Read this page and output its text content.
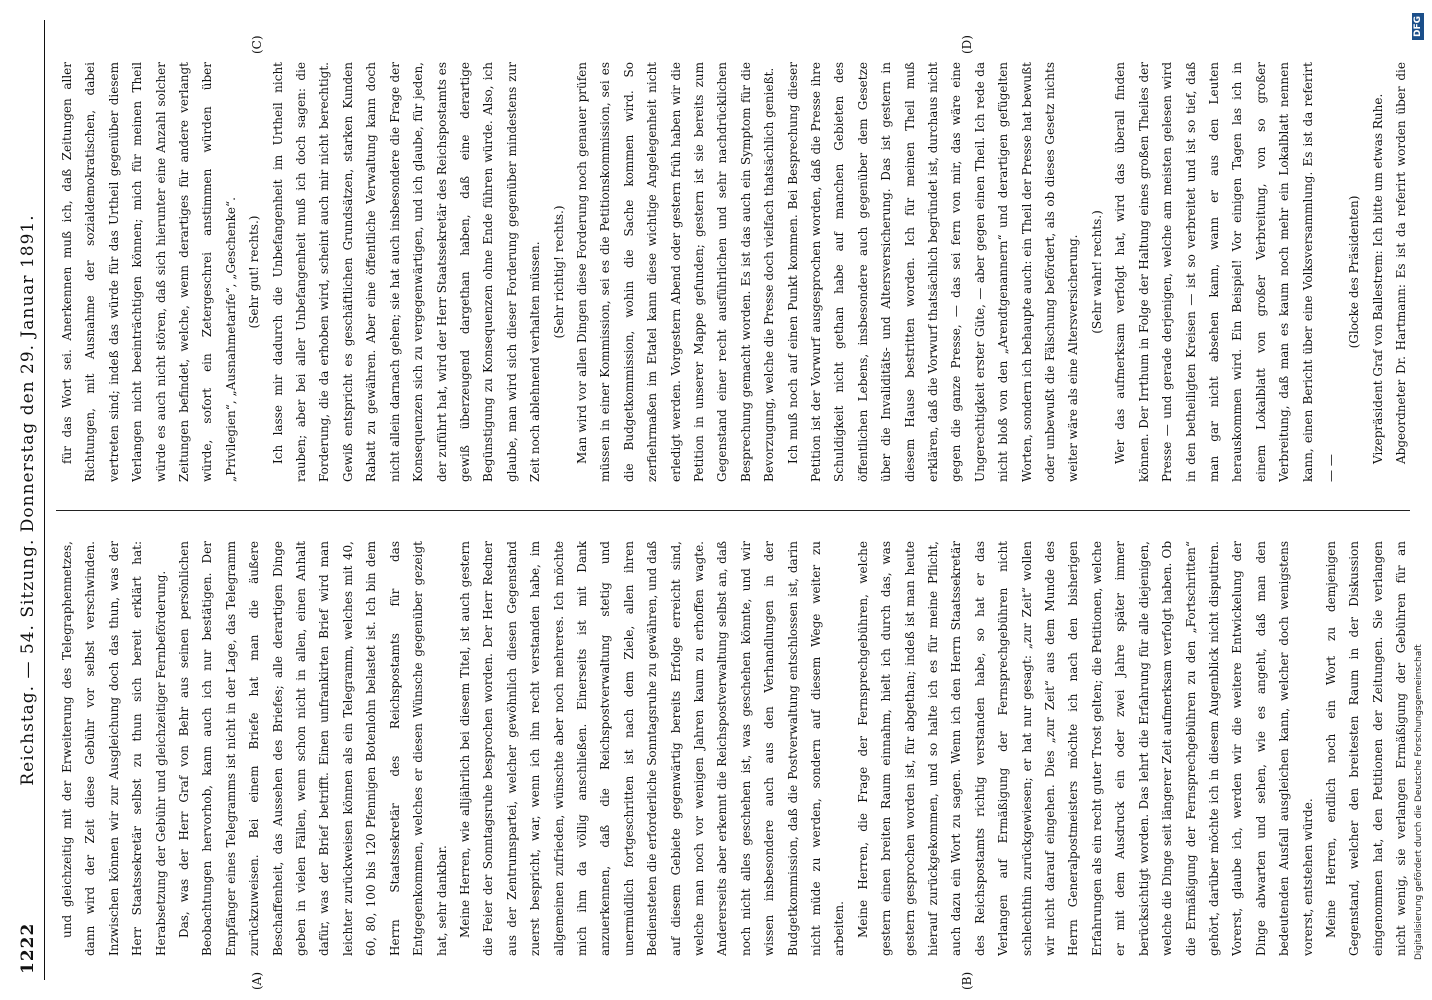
1222
Reichstag. — 54. Sitzung. Donnerstag den 29. Januar 1891.
(A)	(B)
(C)	(D)

und gleichzeitig mit der Erweiterung des Telegraphennetzes, dann wird der Zeit diese Gebühr vor selbst verschwinden. Inzwischen können wir zur Ausgleichung doch das thun, was der Herr Staatssekretär selbst zu thun sich bereit erklärt hat: Herabsetzung der Gebühr und gleichzeitiger Fernbeförderung. Das, was der Herr Graf von Behr aus seinen persönlichen Beobachtungen hervorhob, kann auch ich nur bestätigen. Der Empfänger eines Telegramms ist nicht in der Lage, das Telegramm zurückzuweisen. Bei einem Briefe hat man die äußere Beschaffenheit, das Aussehen des Briefes; alle derartigen Dinge geben in vielen Fällen, wenn schon nicht in allen, einen Anhalt dafür, was der Brief betrifft. Einen unfrankirten Brief wird man leichter zurückweisen können als ein Telegramm, welches mit 40, 60, 80, 100 bis 120 Pfennigen Botenlohn belastet ist. Ich bin dem Herrn Staatssekretär des Reichspostamts für das Entgegenkommen, welches er diesen Wünsche gegenüber gezeigt hat, sehr dankbar. Meine Herren, wie alljährlich bei diesem Titel, ist auch gestern die Feier der Sonntagsruhe besprochen worden. Der Herr Redner aus der Zentrumspartei, welcher gewöhnlich diesen Gegenstand zuerst bespricht, war, wenn ich ihn recht verstanden habe, im allgemeinen zufrieden, wünschte aber noch mehreres. Ich möchte mich ihm da völlig anschließen. Einerseits ist mit Dank anzuerkennen, daß die Reichspostverwaltung stetig und unermüdlich fortgeschritten ist nach dem Ziele, allen ihren Bediensteten die erforderliche Sonntagsruhe zu gewähren, und daß auf diesem Gebiete gegenwärtig bereits Erfolge erreicht sind, welche man noch vor wenigen Jahren kaum zu erhoffen wagte. Andererseits aber erkennt die Reichspostverwaltung selbst an, daß noch nicht alles geschehen ist, was geschehen könnte, und wir wissen insbesondere auch aus den Verhandlungen in der Budgetkommission, daß die Postverwaltung entschlossen ist, darin nicht müde zu werden, sondern auf diesem Wege weiter zu arbeiten. Meine Herren, die Frage der Fernsprechgebühren, welche gestern einen breiten Raum einnahm, hielt ich durch das, was gestern gesprochen worden ist, für abgethan; indeß ist man heute hierauf zurückgekommen, und so halte ich es für meine Pflicht, auch dazu ein Wort zu sagen. Wenn ich den Herrn Staatssekretär des Reichspostamts richtig verstanden habe, so hat er das Verlangen auf Ermäßigung der Fernsprechgebühren nicht schlechthin zurückgewiesen; er hat nur gesagt: „zur Zeit“ wollen wir nicht darauf eingehen. Dies „zur Zeit“ aus dem Munde des Herrn Generalpostmeisters möchte ich nach den bisherigen Erfahrungen als ein recht guter Trost gelten; die Petitionen, welche er mit dem Ausdruck ein oder zwei Jahre später immer berücksichtigt worden. Das lehrt die Erfahrung für alle diejenigen, welche die Dinge seit längerer Zeit aufmerksam verfolgt haben. Ob die Ermäßigung der Fernsprechgebühren zu den „Fortschritten“ gehört, darüber möchte ich in diesem Augenblick nicht disputiren. Vorerst, glaube ich, werden wir die weitere Entwickelung der Dinge abwarten und sehen, wie es angeht, daß man den bedeutenden Ausfall ausgleichen kann, welcher doch wenigstens vorerst, entstehen würde. Meine Herren, endlich noch ein Wort zu demjenigen Gegenstand, welcher den breitesten Raum in der Diskussion eingenommen hat, den Petitionen der Zeitungen. Sie verlangen nicht wenig, sie verlangen Ermäßigung der Gebühren für an

für das Wort sei. Anerkennen muß ich, daß Zeitungen aller Richtungen, mit Ausnahme der sozialdemokratischen, dabei vertreten sind; indeß das würde für das Urtheil gegenüber diesem Verlangen nicht beeinträchtigen können; mich für meinen Theil würde es auch nicht stören, daß sich hierunter eine Anzahl solcher Zeitungen befindet, welche, wenn derartiges für andere verlangt würde, sofort ein Zetergeschrei anstimmen würden über „Privilegien“, „Ausnahmetarife“, „Geschenke“. (Sehr gut! rechts.) Ich lasse mir dadurch die Unbefangenheit im Urtheil nicht rauben; aber bei aller Unbefangenheit muß ich doch sagen: die Forderung, die da erhoben wird, scheint auch mir nicht berechtigt. Gewiß entspricht es geschäftlichen Grundsätzen, starken Kunden Rabatt zu gewähren. Aber eine öffentliche Verwaltung kann doch nicht allein darnach gehen; sie hat auch insbesondere die Frage der Konsequenzen sich zu vergegenwärtigen, und ich glaube, für jeden, der zuführt hat, wird der Herr Staatssekretär des Reichspostamts es gewiß überzeugend dargethan haben, daß eine derartige Begünstigung zu Konsequenzen ohne Ende führen würde. Also, ich glaube, man wird sich dieser Forderung gegenüber mindestens zur Zeit noch ablehnend verhalten müssen. (Sehr richtig! rechts.) Man wird vor allen Dingen diese Forderung noch genauer prüfen müssen in einer Kommission, sei es die Petitionskommission, sei es die Budgetkommission, wohin die Sache kommen wird. So zerfiehrmaßen im Etatel kann diese wichtige Angelegenheit nicht erledigt werden. Vorgestern Abend oder gestern früh haben wir die Petition in unserer Mappe gefunden; gestern ist sie bereits zum Gegenstand einer recht ausführlichen und sehr nachdrücklichen Besprechung gemacht worden. Es ist das auch ein Symptom für die Bevorzugung, welche die Presse doch vielfach thatsächlich genießt. Ich muß noch auf einen Punkt kommen. Bei Besprechung dieser Petition ist der Vorwurf ausgesprochen worden, daß die Presse ihre Schuldigkeit nicht gethan habe auf manchen Gebieten des öffentlichen Lebens, insbesondere auch gegenüber dem Gesetze über die Invaliditäts- und Altersversicherung. Das ist gestern in diesem Hause bestritten worden. Ich für meinen Theil muß erklären, daß die Vorwurf thatsächlich begründet ist, durchaus nicht gegen die ganze Presse, — das sei fern von mir, das wäre eine Ungerechtigkeit erster Güte, — aber gegen einen Theil. Ich rede da nicht bloß von den „Arendtgenannern“ und derartigen gefügelten Worten, sondern ich behaupte auch: ein Theil der Presse hat bewußt oder unbewußt die Fälschung befördert, als ob dieses Gesetz nichts weiter wäre als eine Altersversicherung. (Sehr wahr! rechts.) Wer das aufmerksam verfolgt hat, wird das überall finden können. Der Irrthum in Folge der Haltung eines großen Theiles der Presse — und gerade derjenigen, welche am meisten gelesen wird in den betheiligten Kreisen — ist so verbreitet und ist so tief, daß man gar nicht absehen kann, wann er aus den Leuten herauskommen wird. Ein Beispiel! Vor einigen Tagen las ich in einem Lokalblatt von großer Verbreitung, von so großer Verbreitung, daß man es kaum noch mehr ein Lokalblatt nennen kann, einen Bericht über eine Volksversammlung. Es ist da referirt — —

(Glocke des Präsidenten) Vizepräsident Graf von Ballestrem: Ich bitte um etwas Ruhe. Abgeordneter Dr. Hartmann: Es ist da referirt worden über die

Digitalisierung gefördert durch die Deutsche Forschungsgemeinschaft
DFG
